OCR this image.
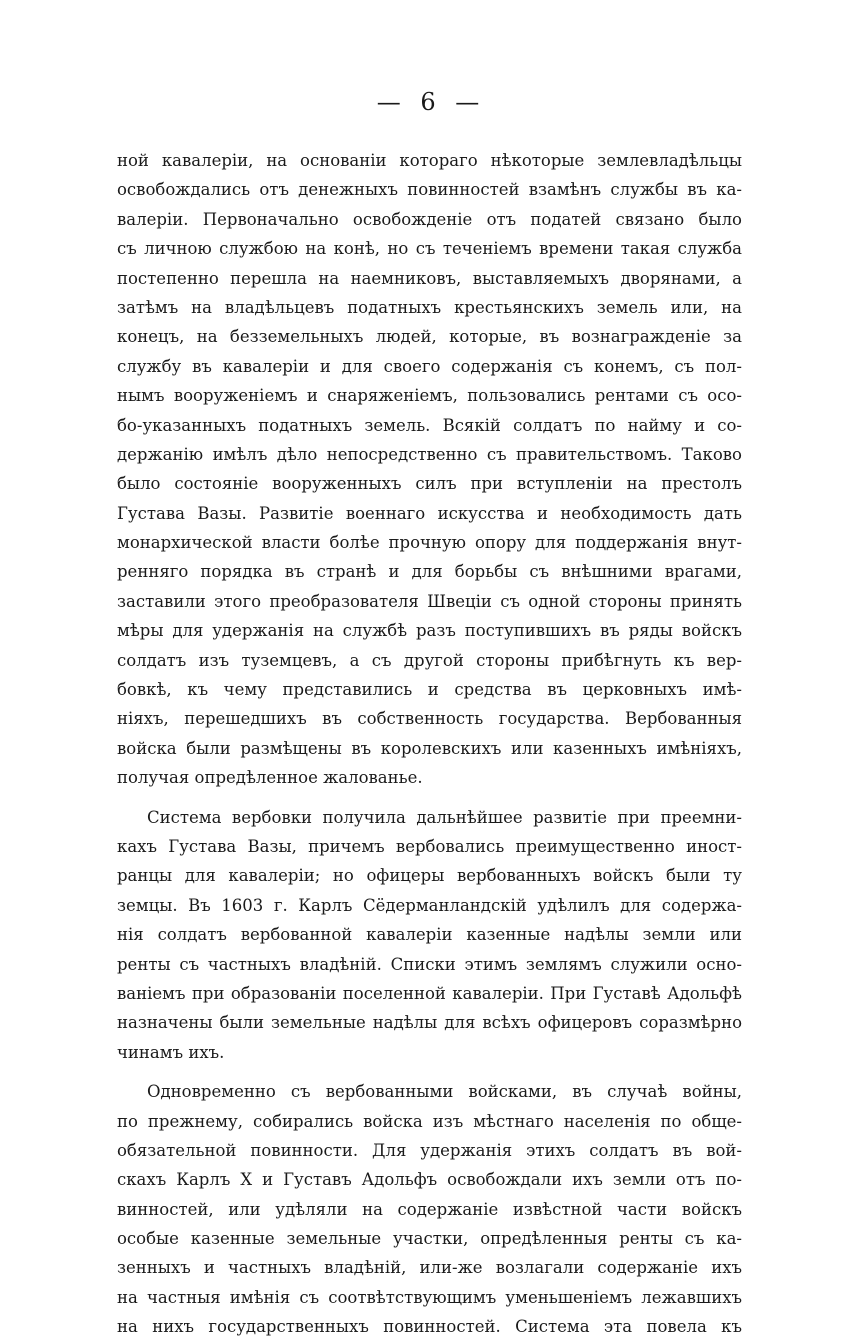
— 6 —
ной кавалеріи, на основаніи котораго нѣкоторые землевладѣльцы
освобождались отъ денежныхъ повинностей взамѣнъ службы въ ка-
валеріи. Первоначально освобожденіе отъ податей связано было
съ личною службою на конѣ, но съ теченіемъ времени такая служба
постепенно перешла на наемниковъ, выставляемыхъ дворянами, а
затѣмъ на владѣльцевъ податныхъ крестьянскихъ земель или, на
конецъ, на безземельныхъ людей, которые, въ вознагражденіе за
службу въ кавалеріи и для своего содержанія съ конемъ, съ пол-
нымъ вооруженіемъ и снаряженіемъ, пользовались рентами съ осо-
бо-указанныхъ податныхъ земель. Всякій солдатъ по найму и со-
держанію имѣлъ дѣло непосредственно съ правительствомъ. Таково
было состояніе вооруженныхъ силъ при вступленіи на престолъ
Густава Вазы. Развитіе военнаго искусства и необходимость дать
монархической власти болѣе прочную опору для поддержанія внут-
ренняго порядка въ странѣ и для борьбы съ внѣшними врагами,
заставили этого преобразователя Швеціи съ одной стороны принять
мѣры для удержанія на службѣ разъ поступившихъ въ ряды войскъ
солдатъ изъ туземцевъ, а съ другой стороны прибѣгнуть къ вер-
бовкѣ, къ чему представились и средства въ церковныхъ имѣ-
ніяхъ, перешедшихъ въ собственность государства. Вербованныя
войска были размѣщены въ королевскихъ или казенныхъ имѣніяхъ,
получая опредѣленное жалованье.
Система вербовки получила дальнѣйшее развитіе при преемни-
кахъ Густава Вазы, причемъ вербовались преимущественно иност-
ранцы для кавалеріи; но офицеры вербованныхъ войскъ были ту
земцы. Въ 1603 г. Карлъ Сёдерманландскій удѣлилъ для содержа-
нія солдатъ вербованной кавалеріи казенные надѣлы земли или
ренты съ частныхъ владѣній. Списки этимъ землямъ служили осно-
ваніемъ при образованіи поселенной кавалеріи. При Густавѣ Адольфѣ
назначены были земельные надѣлы для всѣхъ офицеровъ соразмѣрно
чинамъ ихъ.
Одновременно съ вербованными войсками, въ случаѣ войны,
по прежнему, собирались войска изъ мѣстнаго населенія по обще-
обязательной повинности. Для удержанія этихъ солдатъ въ вой-
скахъ Карлъ X и Густавъ Адольфъ освобождали ихъ земли отъ по-
винностей, или удѣляли на содержаніе извѣстной части войскъ
особые казенные земельные участки, опредѣленныя ренты съ ка-
зенныхъ и частныхъ владѣній, или-же возлагали содержаніе ихъ
на частныя имѣнія съ соотвѣтствующимъ уменьшеніемъ лежавшихъ
на нихъ государственныхъ повинностей. Система эта повела къ
